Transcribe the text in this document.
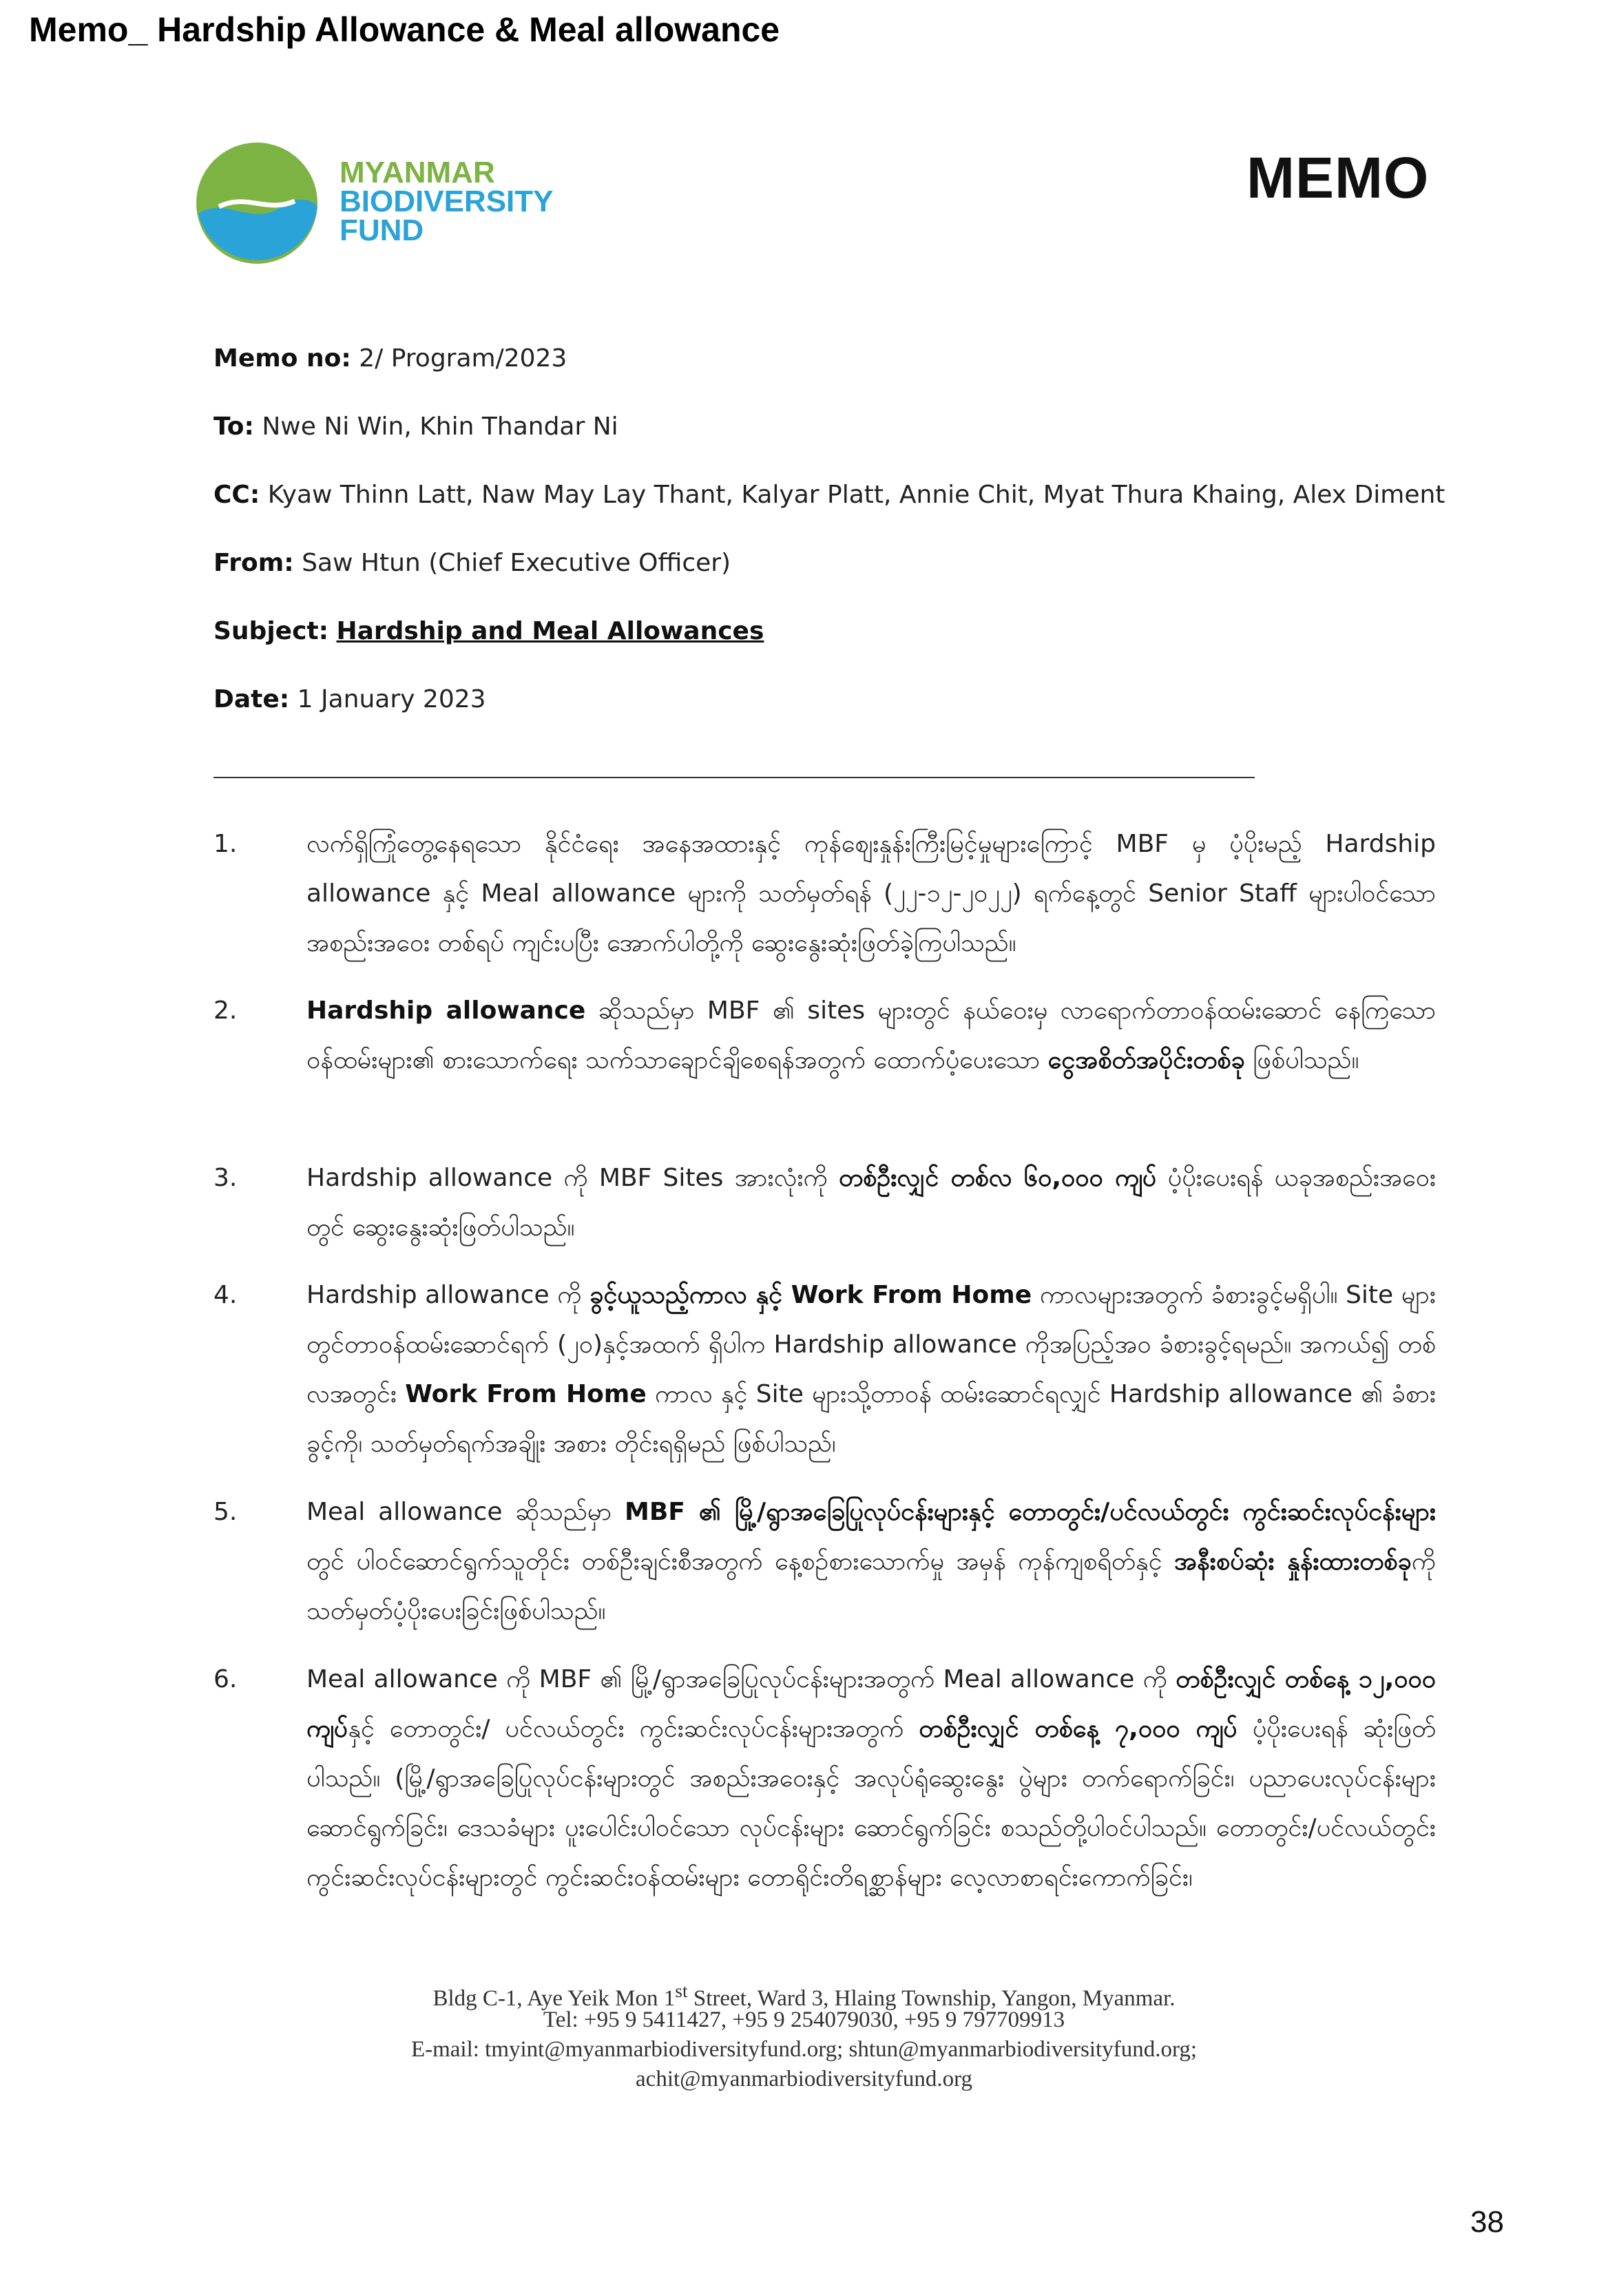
Memo_ Hardship Allowance & Meal allowance
MYANMAR
BIODIVERSITY
FUND
MEMO
Memo no: 2/ Program/2023
To: Nwe Ni Win, Khin Thandar Ni
CC: Kyaw Thinn Latt, Naw May Lay Thant, Kalyar Platt, Annie Chit, Myat Thura Khaing, Alex Diment
From: Saw Htun (Chief Executive Officer)
Subject: Hardship and Meal Allowances
Date: 1 January 2023
1.	လက်ရှိကြုံတွေ့နေရသော နိုင်ငံရေး အနေအထားနှင့် ကုန်စျေးနှုန်းကြီးမြင့်မှုများကြောင့် MBF မှ ပံ့ပိုးမည့် Hardship allowance နှင့် Meal allowance များကို သတ်မှတ်ရန် (၂၂-၁၂-၂၀၂၂) ရက်နေ့တွင် Senior Staff များပါဝင်သော အစည်းအဝေး တစ်ရပ် ကျင်းပပြီး အောက်ပါတို့ကို ဆွေးနွေးဆုံးဖြတ်ခဲ့ကြပါသည်။
2.	Hardship allowance ဆိုသည်မှာ MBF ၏ sites များတွင် နယ်ဝေးမှ လာရောက်တာဝန်ထမ်းဆောင် နေကြသော ဝန်ထမ်းများ၏ စားသောက်ရေး သက်သာချောင်ချိစေရန်အတွက် ထောက်ပံ့ပေးသော ငွေအစိတ်အပိုင်းတစ်ခု ဖြစ်ပါသည်။
3.	Hardship allowance ကို MBF Sites အားလုံးကို တစ်ဦးလျှင် တစ်လ ၆၀,၀၀၀ ကျပ် ပံ့ပိုးပေးရန် ယခုအစည်းအဝေးတွင် ဆွေးနွေးဆုံးဖြတ်ပါသည်။
4.	Hardship allowance ကို ခွင့်ယူသည့်ကာလ နှင့် Work From Home ကာလများအတွက် ခံစားခွင့်မရှိပါ။ Site များတွင်တာဝန်ထမ်းဆောင်ရက် (၂၀)နှင့်အထက် ရှိပါက Hardship allowance ကိုအပြည့်အဝ ခံစားခွင့်ရမည်။ အကယ်၍ တစ်လအတွင်း Work From Home ကာလ နှင့် Site များသို့တာဝန် ထမ်းဆောင်ရလျှင် Hardship allowance ၏ ခံစားခွင့်ကို၊ သတ်မှတ်ရက်အချိုး အစား တိုင်းရရှိမည် ဖြစ်ပါသည်၊
5.	Meal allowance ဆိုသည်မှာ MBF ၏ မြို့/ရွာအခြေပြုလုပ်ငန်းများနှင့် တောတွင်း/ပင်လယ်တွင်း ကွင်းဆင်းလုပ်ငန်းများတွင် ပါဝင်ဆောင်ရွက်သူတိုင်း တစ်ဦးချင်းစီအတွက် နေ့စဉ်စားသောက်မှု အမှန် ကုန်ကျစရိတ်နှင့် အနီးစပ်ဆုံး နှုန်းထားတစ်ခုကို သတ်မှတ်ပံ့ပိုးပေးခြင်းဖြစ်ပါသည်။
6.	Meal allowance ကို MBF ၏ မြို့/ရွာအခြေပြုလုပ်ငန်းများအတွက် Meal allowance ကို တစ်ဦးလျှင် တစ်နေ့ ၁၂,၀၀၀ ကျပ်နှင့် တောတွင်း/ ပင်လယ်တွင်း ကွင်းဆင်းလုပ်ငန်းများအတွက် တစ်ဦးလျှင် တစ်နေ့ ၇,၀၀၀ ကျပ် ပံ့ပိုးပေးရန် ဆုံးဖြတ်ပါသည်။ (မြို့/ရွာအခြေပြုလုပ်ငန်းများတွင် အစည်းအဝေးနှင့် အလုပ်ရုံဆွေးနွေး ပွဲများ တက်ရောက်ခြင်း၊ ပညာပေးလုပ်ငန်းများဆောင်ရွက်ခြင်း၊ ဒေသခံများ ပူးပေါင်းပါဝင်သော လုပ်ငန်းများ ဆောင်ရွက်ခြင်း စသည်တို့ပါဝင်ပါသည်။ တောတွင်း/ပင်လယ်တွင်း ကွင်းဆင်းလုပ်ငန်းများတွင် ကွင်းဆင်းဝန်ထမ်းများ တောရိုင်းတိရစ္ဆာန်များ လေ့လာစာရင်းကောက်ခြင်း၊
Bldg C-1, Aye Yeik Mon 1st Street, Ward 3, Hlaing Township, Yangon, Myanmar.
Tel: +95 9 5411427, +95 9 254079030, +95 9 797709913
E-mail: tmyint@myanmarbiodiversityfund.org; shtun@myanmarbiodiversityfund.org;
achit@myanmarbiodiversityfund.org
38
